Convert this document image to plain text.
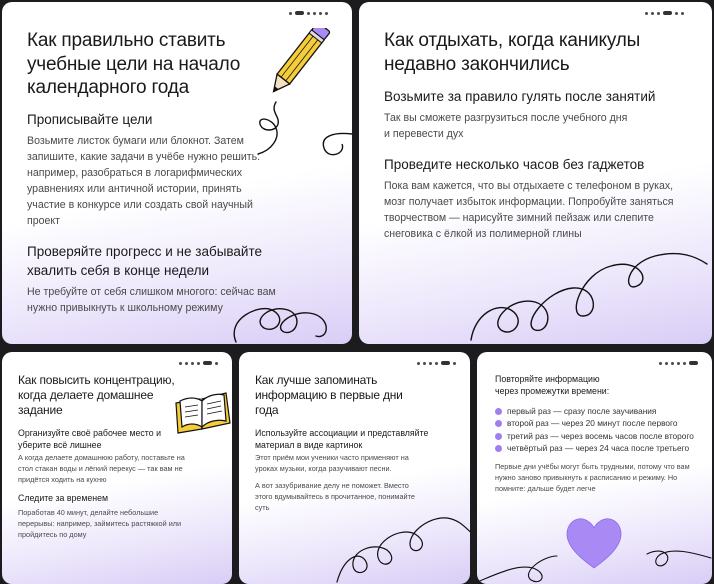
Как правильно ставить учебные цели на начало календарного года
Прописывайте цели
Возьмите листок бумаги или блокнот. Затем запишите, какие задачи в учёбе нужно решить: например, разобраться в логарифмических уравнениях или античной истории, принять участие в конкурсе или создать свой научный проект
Проверяйте прогресс и не забывайте хвалить себя в конце недели
Не требуйте от себя слишком многого: сейчас вам нужно привыкнуть к школьному режиму
Как отдыхать, когда каникулы недавно закончились
Возьмите за правило гулять после занятий
Так вы сможете разгрузиться после учебного дня и перевести дух
Проведите несколько часов без гаджетов
Пока вам кажется, что вы отдыхаете с телефоном в руках, мозг получает избыток информации. Попробуйте заняться творчеством — нарисуйте зимний пейзаж или слепите снеговика с ёлкой из полимерной глины
Как повысить концентрацию, когда делаете домашнее задание
Организуйте своё рабочее место и уберите всё лишнее
А когда делаете домашнюю работу, поставьте на стол стакан воды и лёгкий перекус — так вам не придётся ходить на кухню
Следите за временем
Поработав 40 минут, делайте небольшие перерывы: например, займитесь растяжкой или пройдитесь по дому
Как лучше запоминать информацию в первые дни года
Используйте ассоциации и представляйте материал в виде картинок
Этот приём мои ученики часто применяют на уроках музыки, когда разучивают песни.
А вот зазубривание делу не поможет. Вместо этого вдумывайтесь в прочитанное, понимайте суть
Повторяйте информацию
через промежутки времени:
первый раз — сразу после заучивания
второй раз — через 20 минут после первого
третий раз — через восемь часов после второго
четвёртый раз — через 24 часа после третьего
Первые дни учёбы могут быть трудными, потому что вам нужно заново привыкнуть к расписанию и режиму. Но помните: дальше будет легче
